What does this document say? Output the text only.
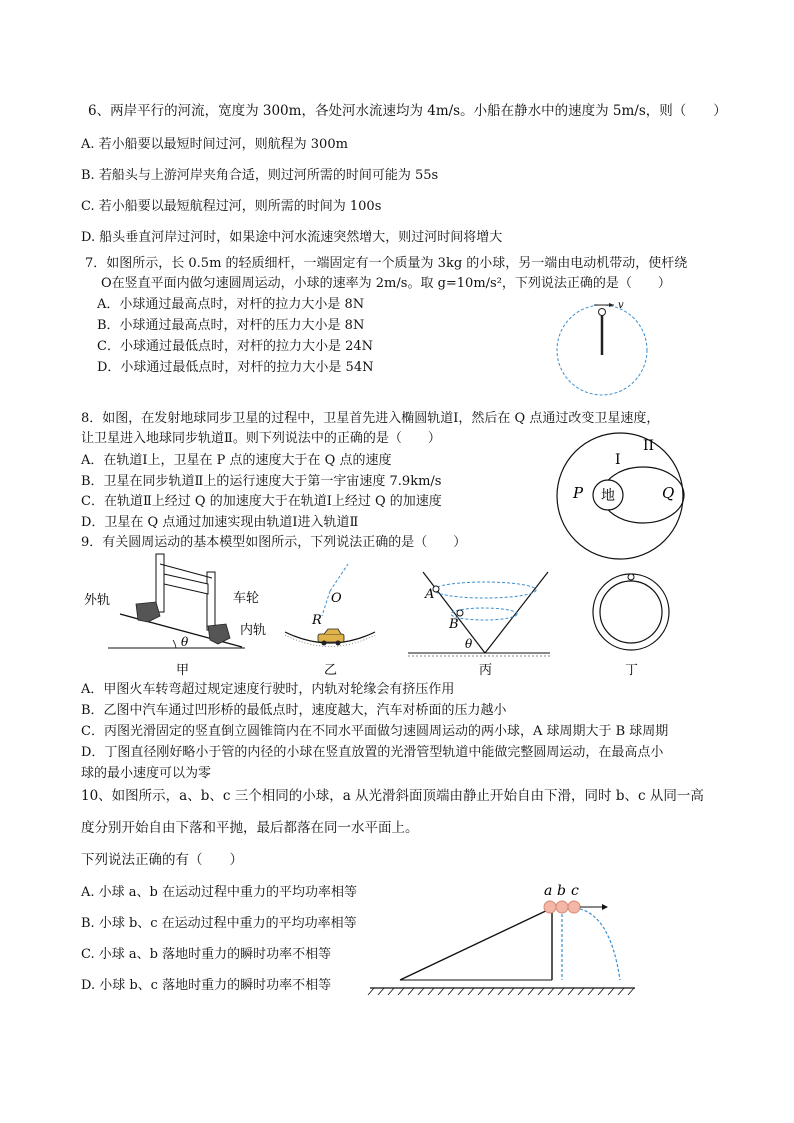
6、两岸平行的河流，宽度为 300m，各处河水流速均为 4m/s。小船在静水中的速度为 5m/s，则（　　）
A. 若小船要以最短时间过河，则航程为 300m
B. 若船头与上游河岸夹角合适，则过河所需的时间可能为 55s
C. 若小船要以最短航程过河，则所需的时间为 100s
D. 船头垂直河岸过河时，如果途中河水流速突然增大，则过河时间将增大
7．如图所示，长 0.5m 的轻质细杆，一端固定有一个质量为 3kg 的小球，另一端由电动机带动，使杆绕
O在竖直平面内做匀速圆周运动，小球的速率为 2m/s。取 g=10m/s²，下列说法正确的是（　　）
A．小球通过最高点时，对杆的拉力大小是 8N
B．小球通过最高点时，对杆的压力大小是 8N
C．小球通过最低点时，对杆的拉力大小是 24N
D．小球通过最低点时，对杆的拉力大小是 54N
v
8．如图，在发射地球同步卫星的过程中，卫星首先进入椭圆轨道Ⅰ，然后在 Q 点通过改变卫星速度，
让卫星进入地球同步轨道Ⅱ。则下列说法中的正确的是（　　）
A．在轨道Ⅰ上，卫星在 P 点的速度大于在 Q 点的速度
B．卫星在同步轨道Ⅱ上的运行速度大于第一宇宙速度 7.9km/s
C．在轨道Ⅱ上经过 Q 的加速度大于在轨道Ⅰ上经过 Q 的加速度
D．卫星在 Q 点通过加速实现由轨道Ⅰ进入轨道Ⅱ
地
I
II
P	Q
9．有关圆周运动的基本模型如图所示，下列说法正确的是（　　）
θ
外轨	车轮
内轨
甲
O
R
乙
A
B
θ
丙	丁
A．甲图火车转弯超过规定速度行驶时，内轨对轮缘会有挤压作用
B．乙图中汽车通过凹形桥的最低点时，速度越大，汽车对桥面的压力越小
C．丙图光滑固定的竖直倒立圆锥筒内在不同水平面做匀速圆周运动的两小球，A 球周期大于 B 球周期
D．丁图直径刚好略小于管的内径的小球在竖直放置的光滑管型轨道中能做完整圆周运动，在最高点小
球的最小速度可以为零
10、如图所示，a、b、c 三个相同的小球，a 从光滑斜面顶端由静止开始自由下滑，同时 b、c 从同一高
度分别开始自由下落和平抛，最后都落在同一水平面上。
下列说法正确的有（　　）
A. 小球 a、b 在运动过程中重力的平均功率相等
B. 小球 b、c 在运动过程中重力的平均功率相等
C. 小球 a、b 落地时重力的瞬时功率不相等
D. 小球 b、c 落地时重力的瞬时功率不相等
a b c
